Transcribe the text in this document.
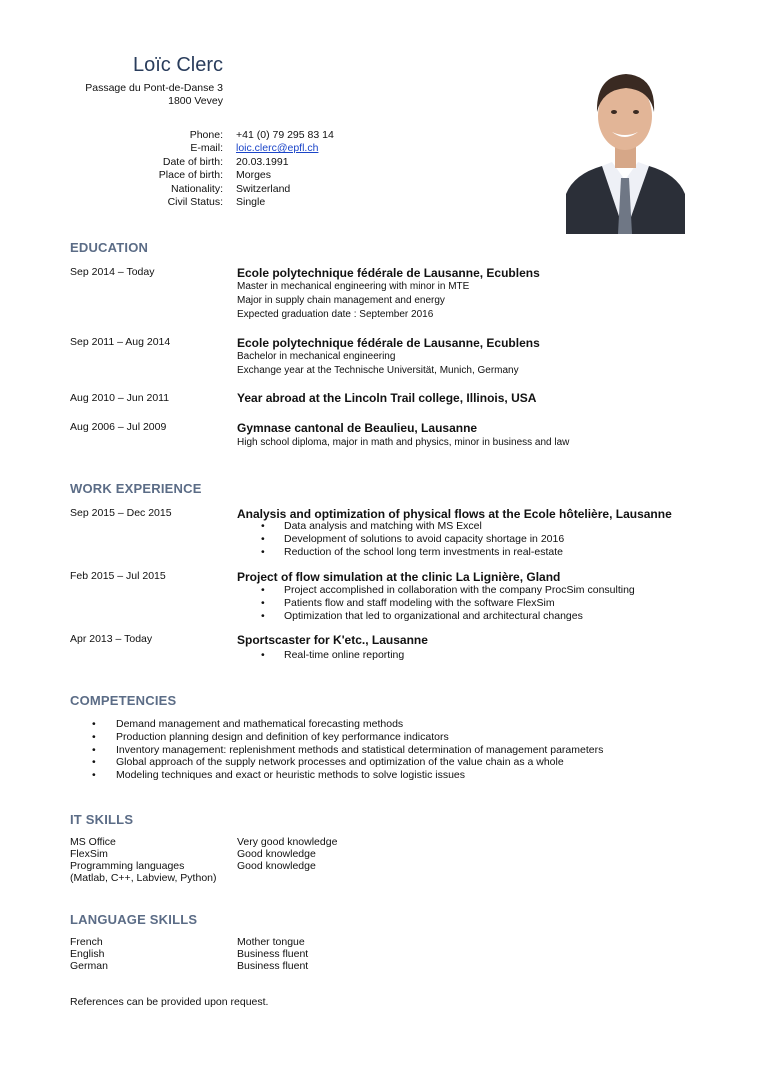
Loïc Clerc
Passage du Pont-de-Danse 3
1800 Vevey
Phone: +41 (0) 79 295 83 14
E-mail: loic.clerc@epfl.ch
Date of birth: 20.03.1991
Place of birth: Morges
Nationality: Switzerland
Civil Status: Single
EDUCATION
Sep 2014 – Today	Ecole polytechnique fédérale de Lausanne, Ecublens
Master in mechanical engineering with minor in MTE
Major in supply chain management and energy
Expected graduation date : September 2016
Sep 2011 – Aug 2014	Ecole polytechnique fédérale de Lausanne, Ecublens
Bachelor in mechanical engineering
Exchange year at the Technische Universität, Munich, Germany
Aug 2010 – Jun 2011	Year abroad at the Lincoln Trail college, Illinois, USA
Aug 2006 – Jul 2009	Gymnase cantonal de Beaulieu, Lausanne
High school diploma, major in math and physics, minor in business and law
WORK EXPERIENCE
Sep 2015 – Dec 2015	Analysis and optimization of physical flows at the Ecole hôtelière, Lausanne
• Data analysis and matching with MS Excel
• Development of solutions to avoid capacity shortage in 2016
• Reduction of the school long term investments in real-estate
Feb 2015 – Jul 2015	Project of flow simulation at the clinic La Lignière, Gland
• Project accomplished in collaboration with the company ProcSim consulting
• Patients flow and staff modeling with the software FlexSim
• Optimization that led to organizational and architectural changes
Apr 2013 – Today	Sportscaster for K'etc., Lausanne
• Real-time online reporting
COMPETENCIES
• Demand management and mathematical forecasting methods
• Production planning design and definition of key performance indicators
• Inventory management: replenishment methods and statistical determination of management parameters
• Global approach of the supply network processes and optimization of the value chain as a whole
• Modeling techniques and exact or heuristic methods to solve logistic issues
IT SKILLS
MS Office	Very good knowledge
FlexSim	Good knowledge
Programming languages	Good knowledge
(Matlab, C++, Labview, Python)
LANGUAGE SKILLS
French	Mother tongue
English	Business fluent
German	Business fluent
References can be provided upon request.
